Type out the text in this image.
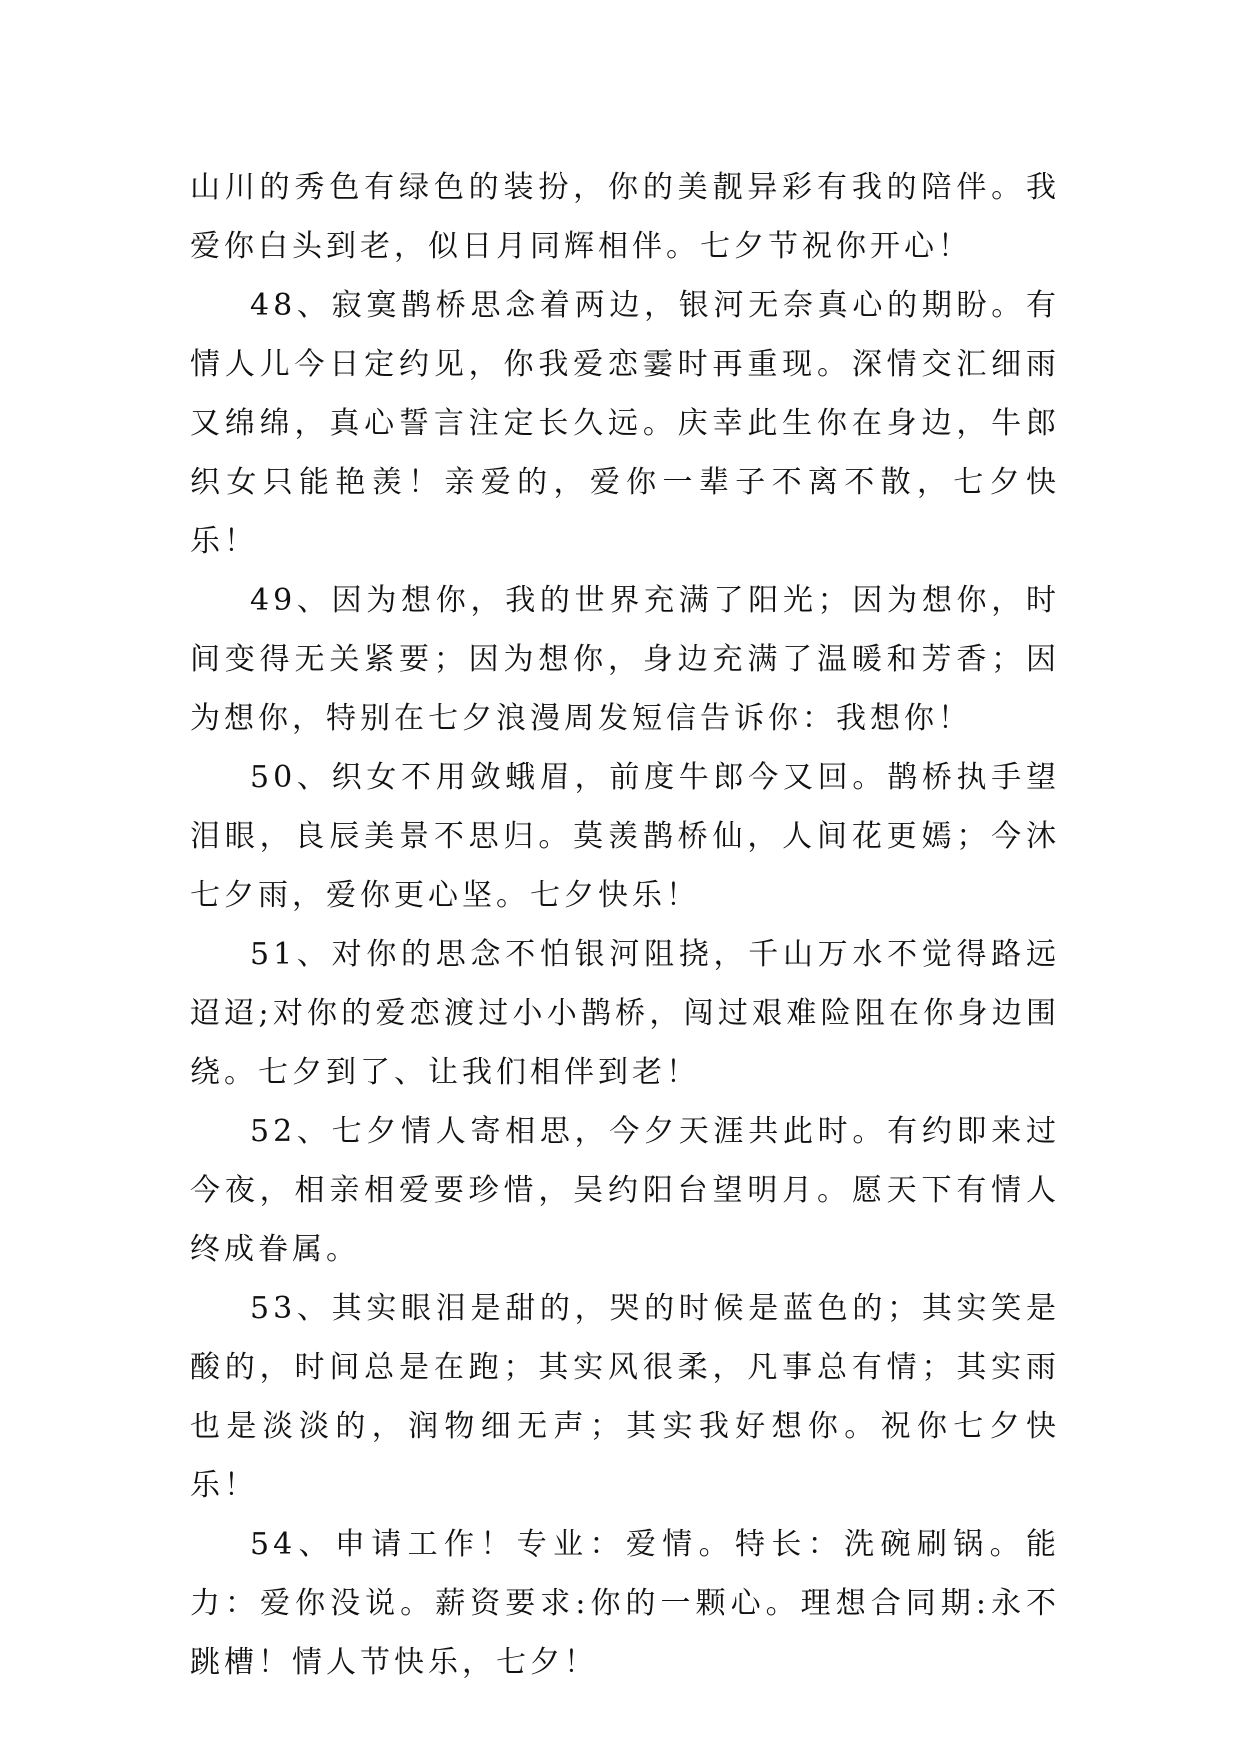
山川的秀色有绿色的装扮，你的美靓异彩有我的陪伴。我爱你白头到老，似日月同辉相伴。七夕节祝你开心！

48、寂寞鹊桥思念着两边，银河无奈真心的期盼。有情人儿今日定约见，你我爱恋霎时再重现。深情交汇细雨又绵绵，真心誓言注定长久远。庆幸此生你在身边，牛郎织女只能艳羡！亲爱的，爱你一辈子不离不散，七夕快乐！

49、因为想你，我的世界充满了阳光；因为想你，时间变得无关紧要；因为想你，身边充满了温暖和芳香；因为想你，特别在七夕浪漫周发短信告诉你：我想你！

50、织女不用敛蛾眉，前度牛郎今又回。鹊桥执手望泪眼，良辰美景不思归。莫羡鹊桥仙，人间花更嫣；今沐七夕雨，爱你更心坚。七夕快乐！

51、对你的思念不怕银河阻挠，千山万水不觉得路远迢迢;对你的爱恋渡过小小鹊桥，闯过艰难险阻在你身边围绕。七夕到了、让我们相伴到老！

52、七夕情人寄相思，今夕天涯共此时。有约即来过今夜，相亲相爱要珍惜，吴约阳台望明月。愿天下有情人终成眷属。

53、其实眼泪是甜的，哭的时候是蓝色的；其实笑是酸的，时间总是在跑；其实风很柔，凡事总有情；其实雨也是淡淡的，润物细无声；其实我好想你。祝你七夕快乐！

54、申请工作！专业：爱情。特长：洗碗刷锅。能力：爱你没说。薪资要求:你的一颗心。理想合同期:永不跳槽！情人节快乐，七夕！
